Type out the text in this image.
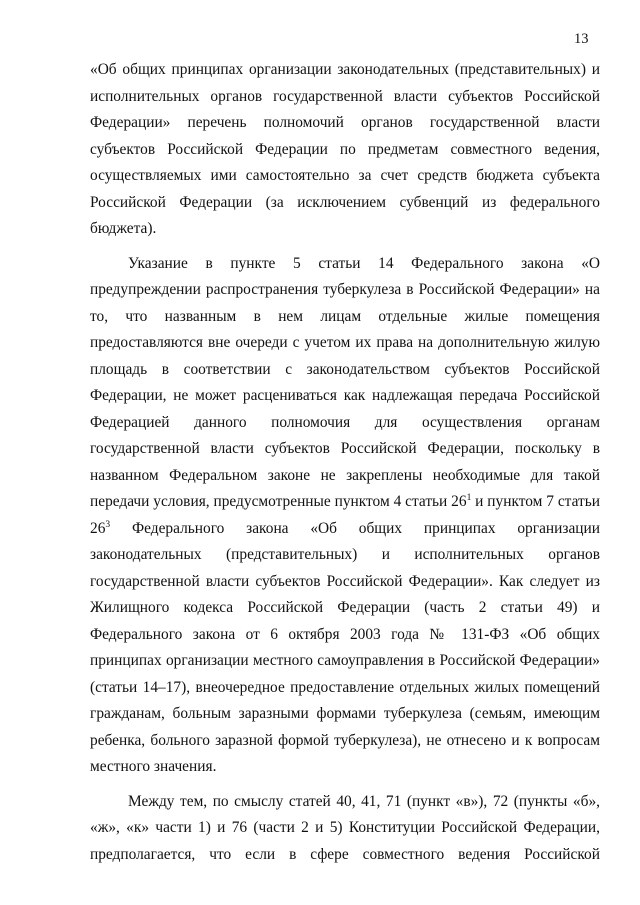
13
«Об общих принципах организации законодательных (представительных) и
исполнительных органов государственной власти субъектов Российской
Федерации» перечень полномочий органов государственной власти
субъектов Российской Федерации по предметам совместного ведения,
осуществляемых ими самостоятельно за счет средств бюджета субъекта
Российской Федерации (за исключением субвенций из федерального
бюджета).
Указание в пункте 5 статьи 14 Федерального закона «О
предупреждении распространения туберкулеза в Российской Федерации» на
то, что названным в нем лицам отдельные жилые помещения
предоставляются вне очереди с учетом их права на дополнительную жилую
площадь в соответствии с законодательством субъектов Российской
Федерации, не может расцениваться как надлежащая передача Российской
Федерацией данного полномочия для осуществления органам
государственной власти субъектов Российской Федерации, поскольку в
названном Федеральном законе не закреплены необходимые для такой
передачи условия, предусмотренные пунктом 4 статьи $26^1$ и пунктом 7 статьи
$26^3$ Федерального закона «Об общих принципах организации
законодательных (представительных) и исполнительных органов
государственной власти субъектов Российской Федерации». Как следует из
Жилищного кодекса Российской Федерации (часть 2 статьи 49) и
Федерального закона от 6 октября 2003 года № 131-ФЗ «Об общих
принципах организации местного самоуправления в Российской Федерации»
(статьи 14–17), внеочередное предоставление отдельных жилых помещений
гражданам, больным заразными формами туберкулеза (семьям, имеющим
ребенка, больного заразной формой туберкулеза), не отнесено и к вопросам
местного значения.
Между тем, по смыслу статей 40, 41, 71 (пункт «в»), 72 (пункты «б»,
«ж», «к» части 1) и 76 (части 2 и 5) Конституции Российской Федерации,
предполагается, что если в сфере совместного ведения Российской
